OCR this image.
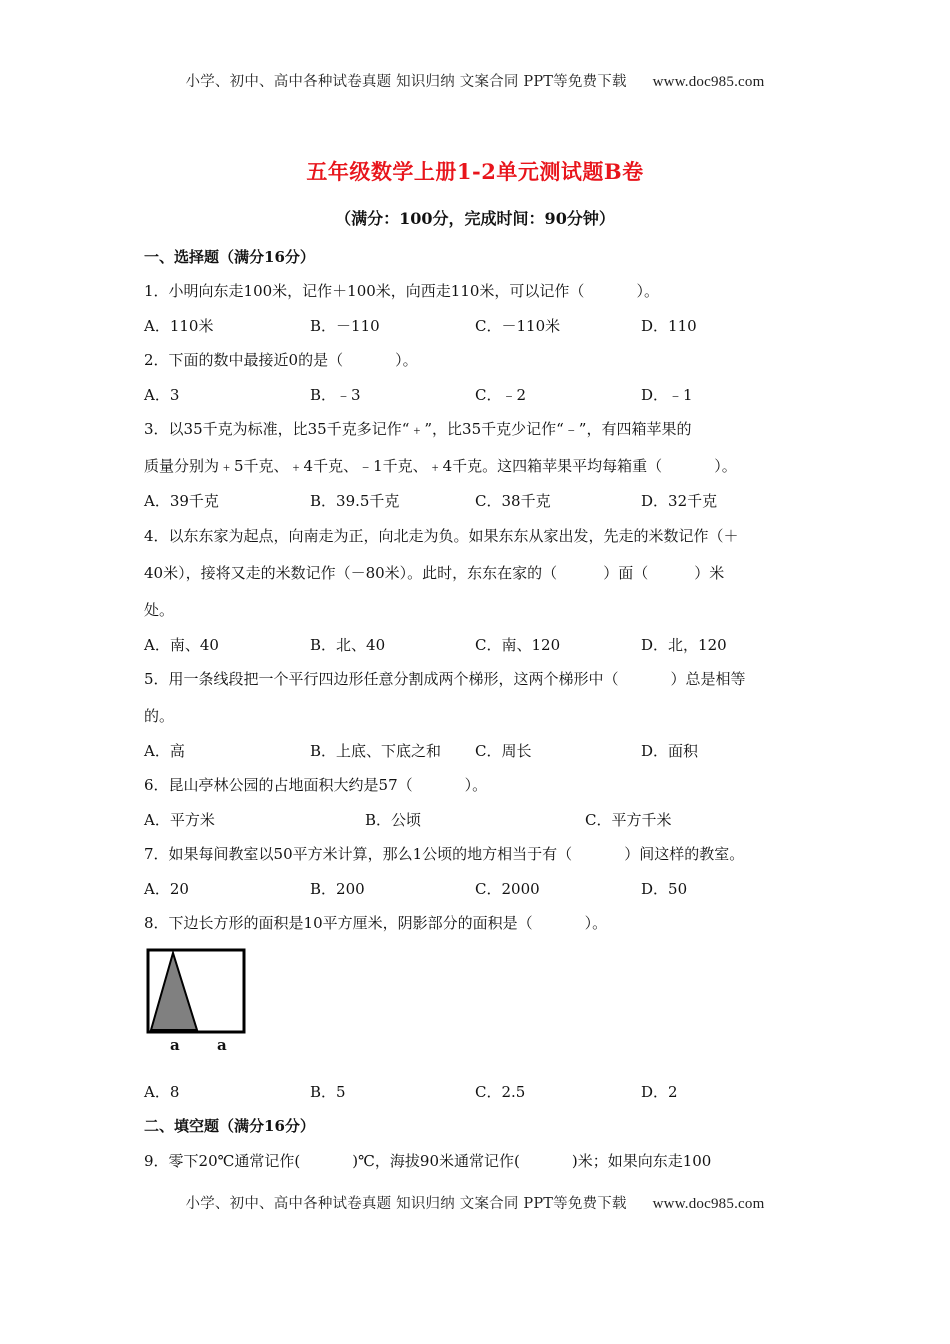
小学、初中、高中各种试卷真题 知识归纳 文案合同 PPT等免费下载 www.doc985.com
五年级数学上册1-2单元测试题B卷
（满分：100分，完成时间：90分钟）
一、选择题（满分16分）
1．小明向东走100米，记作＋100米，向西走110米，可以记作（	）。
A．110米	B．－110	C．－110米	D．110
2．下面的数中最接近0的是（	）。
A．3	B．﹣3	C．﹣2	D．﹣1
3．以35千克为标准，比35千克多记作“﹢”，比35千克少记作“﹣”，有四箱苹果的
质量分别为﹢5千克、﹢4千克、﹣1千克、﹢4千克。这四箱苹果平均每箱重（	）。
A．39千克	B．39.5千克	C．38千克	D．32千克
4．以东东家为起点，向南走为正，向北走为负。如果东东从家出发，先走的米数记作（＋
40米），接将又走的米数记作（－80米）。此时，东东在家的（	）面（	）米
处。
A．南、40	B．北、40	C．南、120	D．北，120
5．用一条线段把一个平行四边形任意分割成两个梯形，这两个梯形中（	）总是相等
的。
A．高	B．上底、下底之和 C．周长	D．面积
6．昆山亭林公园的占地面积大约是57（	）。
A．平方米	B．公顷	C．平方千米
7．如果每间教室以50平方米计算，那么1公顷的地方相当于有（	）间这样的教室。
A．20	B．200	C．2000	D．50
8．下边长方形的面积是10平方厘米，阴影部分的面积是（	）。
a a
A．8	B．5	C．2.5	D．2
二、填空题（满分16分）
9．零下20℃通常记作(	)℃，海拔90米通常记作(	)米；如果向东走100
小学、初中、高中各种试卷真题 知识归纳 文案合同 PPT等免费下载 www.doc985.com
